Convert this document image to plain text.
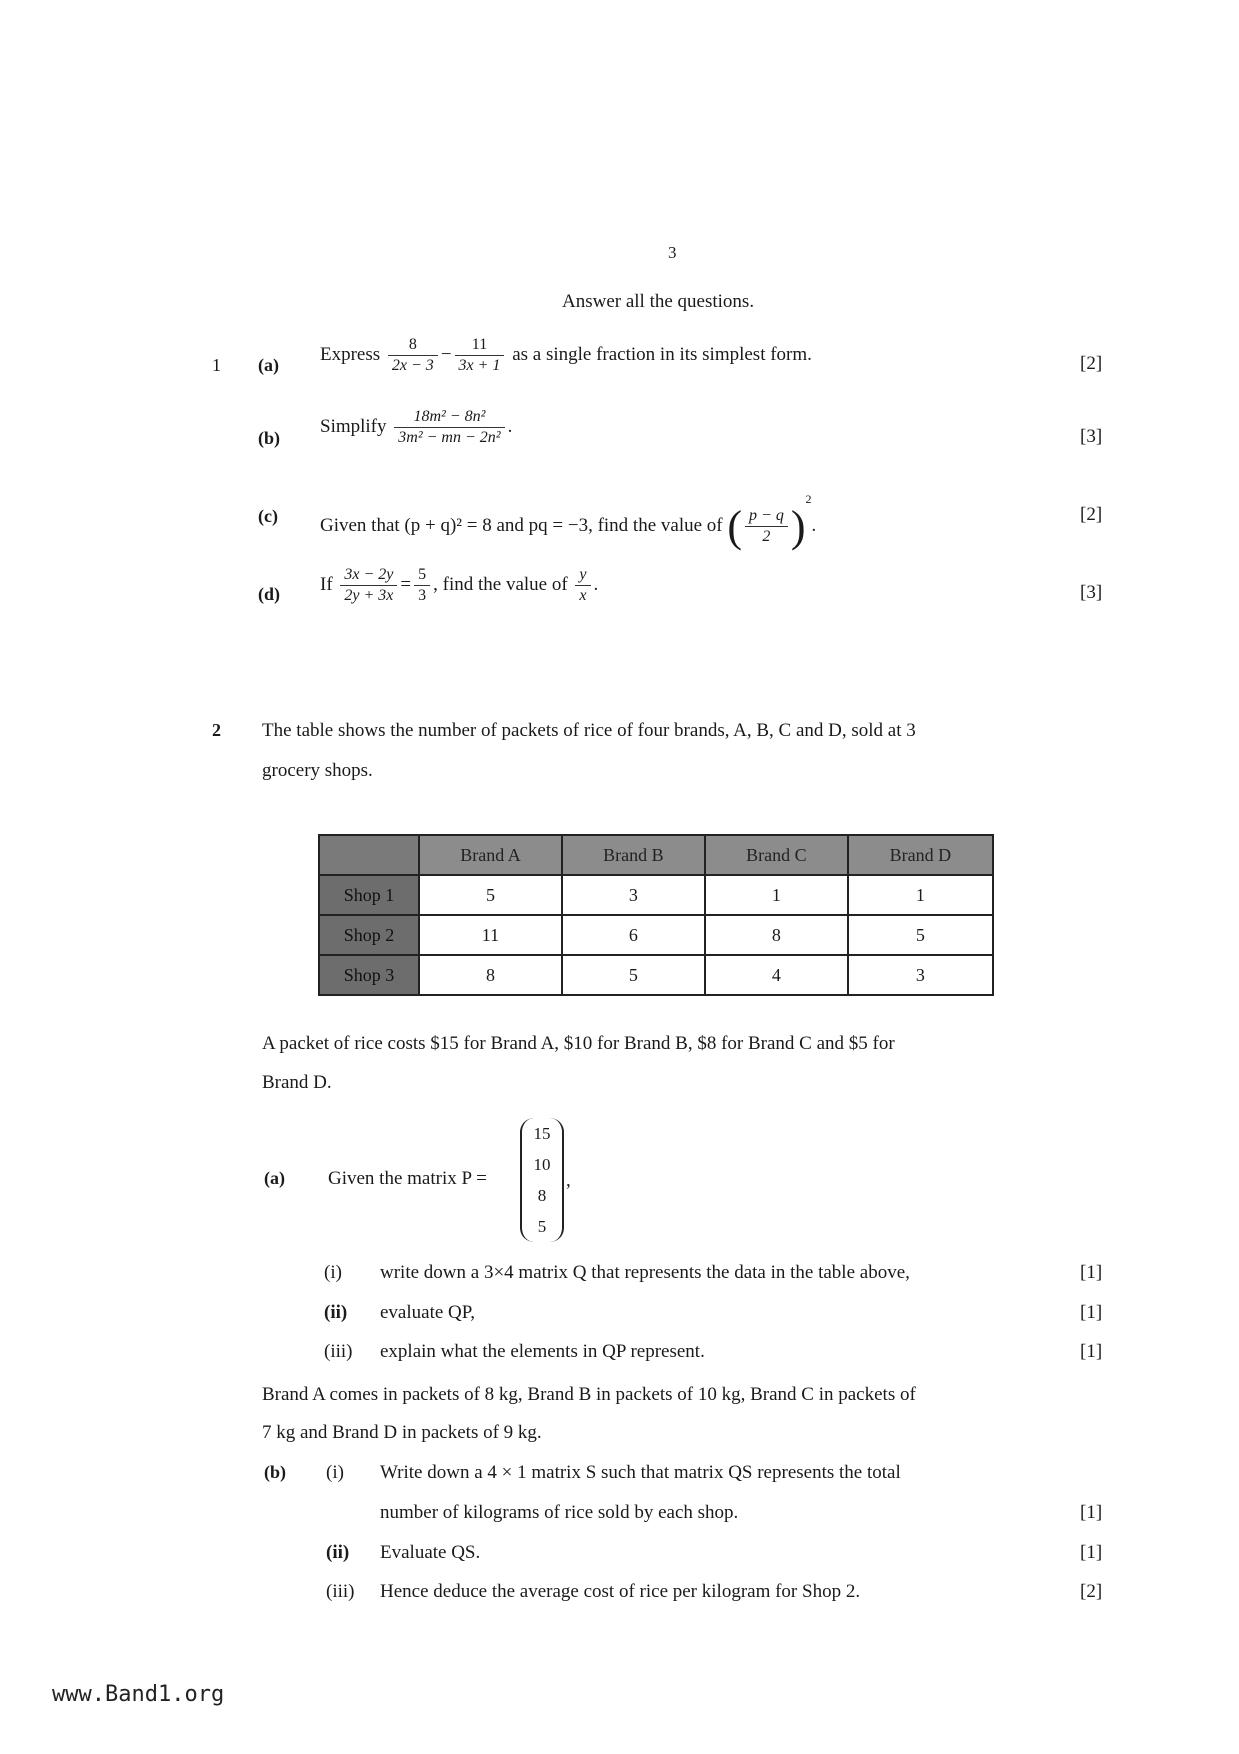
3
Answer all the questions.
1 (a)
Express $\frac{8}{2x - 3} - \frac{11}{3x + 1}$ as a single fraction in its simplest form.	[2]
(b)
Simplify $\frac{\text{18m² − 8n²}}{\text{3m² − mn − 2n²}}$ .	[3]
(c) Given that (p + q)² = 8 and pq = −3, find the value of ( $\frac{p - q}{2} )^2$.
[2]
(d) If $\frac{3x - 2y}{2y + 3x} = \frac{5}{3}$ , find the value of $\frac{y}{x}$ .	[3]
2 The table shows the number of packets of rice of four brands, A, B, C and D, sold at 3
grocery shops.
	Brand A	Brand B	Brand C	Brand D
Shop 1	5	3	1	1
Shop 2	11	6	8	5
Shop 3	8	5	4	3
A packet of rice costs $15 for Brand A, $10 for Brand B, $8 for Brand C and $5 for
Brand D.
(a) Given the matrix P =
15
10
8
5
,
(i) write down a 3×4 matrix Q that represents the data in the table above,	[1]
(ii) evaluate QP,	[1]
(iii) explain what the elements in QP represent.	[1]
Brand A comes in packets of 8 kg, Brand B in packets of 10 kg, Brand C in packets of
7 kg and Brand D in packets of 9 kg.
(b) (i) Write down a 4 × 1 matrix S such that matrix QS represents the total
number of kilograms of rice sold by each shop.	[1]
(ii) Evaluate QS.	[1]
(iii) Hence deduce the average cost of rice per kilogram for Shop 2.	[2]
www.Band1.org
